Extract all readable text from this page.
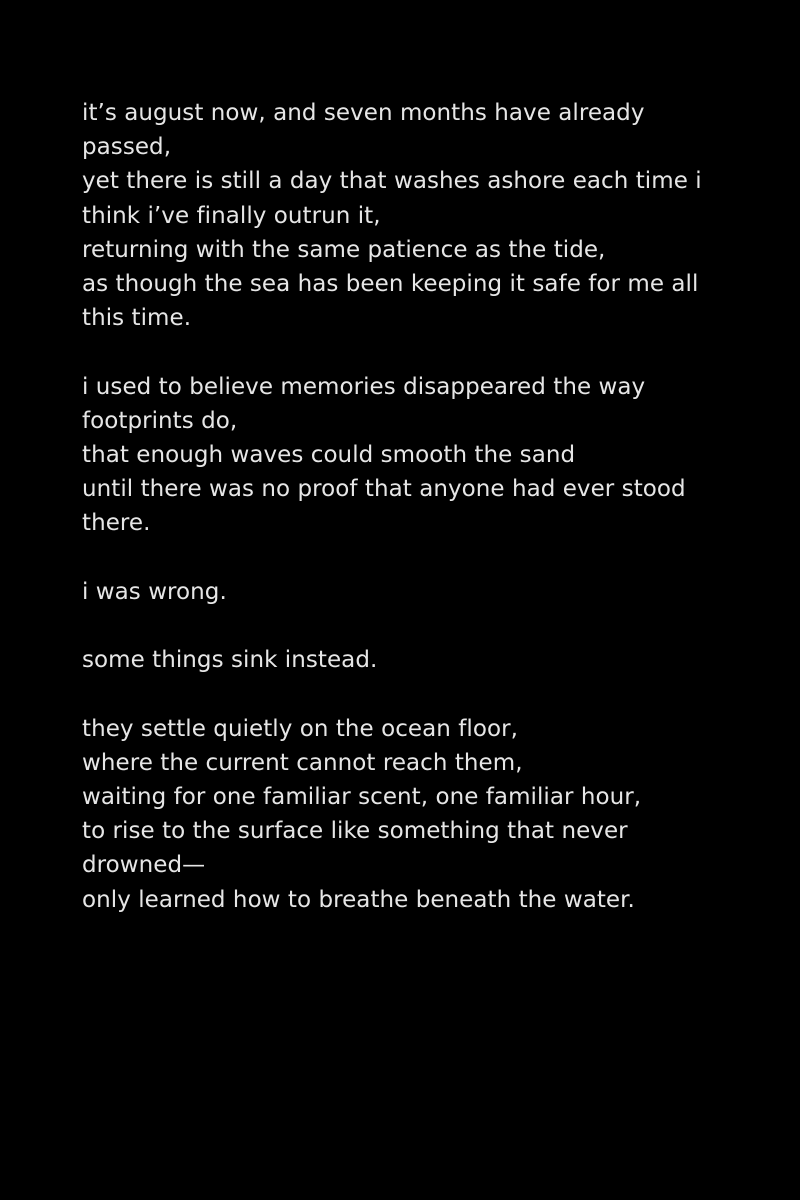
it’s august now, and seven months have already
passed,
yet there is still a day that washes ashore each time i
think i’ve finally outrun it,
returning with the same patience as the tide,
as though the sea has been keeping it safe for me all
this time.
i used to believe memories disappeared the way
footprints do,
that enough waves could smooth the sand
until there was no proof that anyone had ever stood
there.
i was wrong.
some things sink instead.
they settle quietly on the ocean floor,
where the current cannot reach them,
waiting for one familiar scent, one familiar hour,
to rise to the surface like something that never
drowned—
only learned how to breathe beneath the water.
